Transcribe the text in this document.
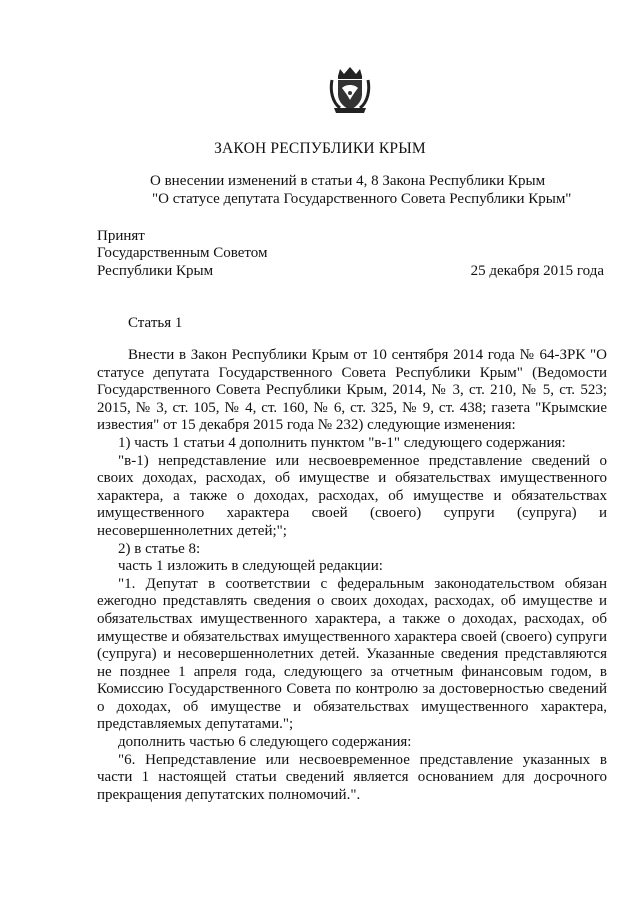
ЗАКОН РЕСПУБЛИКИ КРЫМ
О внесении изменений в статьи 4, 8 Закона Республики Крым
"О статусе депутата Государственного Совета Республики Крым"
Принят
Государственным Советом
Республики Крым	25 декабря 2015 года
Статья 1

Внести в Закон Республики Крым от 10 сентября 2014 года № 64-ЗРК "О статусе депутата Государственного Совета Республики Крым" (Ведомости Государственного Совета Республики Крым, 2014, № 3, ст. 210, № 5, ст. 523; 2015, № 3, ст. 105, № 4, ст. 160, № 6, ст. 325, № 9, ст. 438; газета "Крымские известия" от 15 декабря 2015 года № 232) следующие изменения:

1) часть 1 статьи 4 дополнить пунктом "в-1" следующего содержания:

"в-1) непредставление или несвоевременное представление сведений о своих доходах, расходах, об имуществе и обязательствах имущественного характера, а также о доходах, расходах, об имуществе и обязательствах имущественного характера своей (своего) супруги (супруга) и несовершеннолетних детей;";

2) в статье 8:

часть 1 изложить в следующей редакции:

"1. Депутат в соответствии с федеральным законодательством обязан ежегодно представлять сведения о своих доходах, расходах, об имуществе и обязательствах имущественного характера, а также о доходах, расходах, об имуществе и обязательствах имущественного характера своей (своего) супруги (супруга) и несовершеннолетних детей. Указанные сведения представляются не позднее 1 апреля года, следующего за отчетным финансовым годом, в Комиссию Государственного Совета по контролю за достоверностью сведений о доходах, об имуществе и обязательствах имущественного характера, представляемых депутатами.";

дополнить частью 6 следующего содержания:

"6. Непредставление или несвоевременное представление указанных в части 1 настоящей статьи сведений является основанием для досрочного прекращения депутатских полномочий.".
